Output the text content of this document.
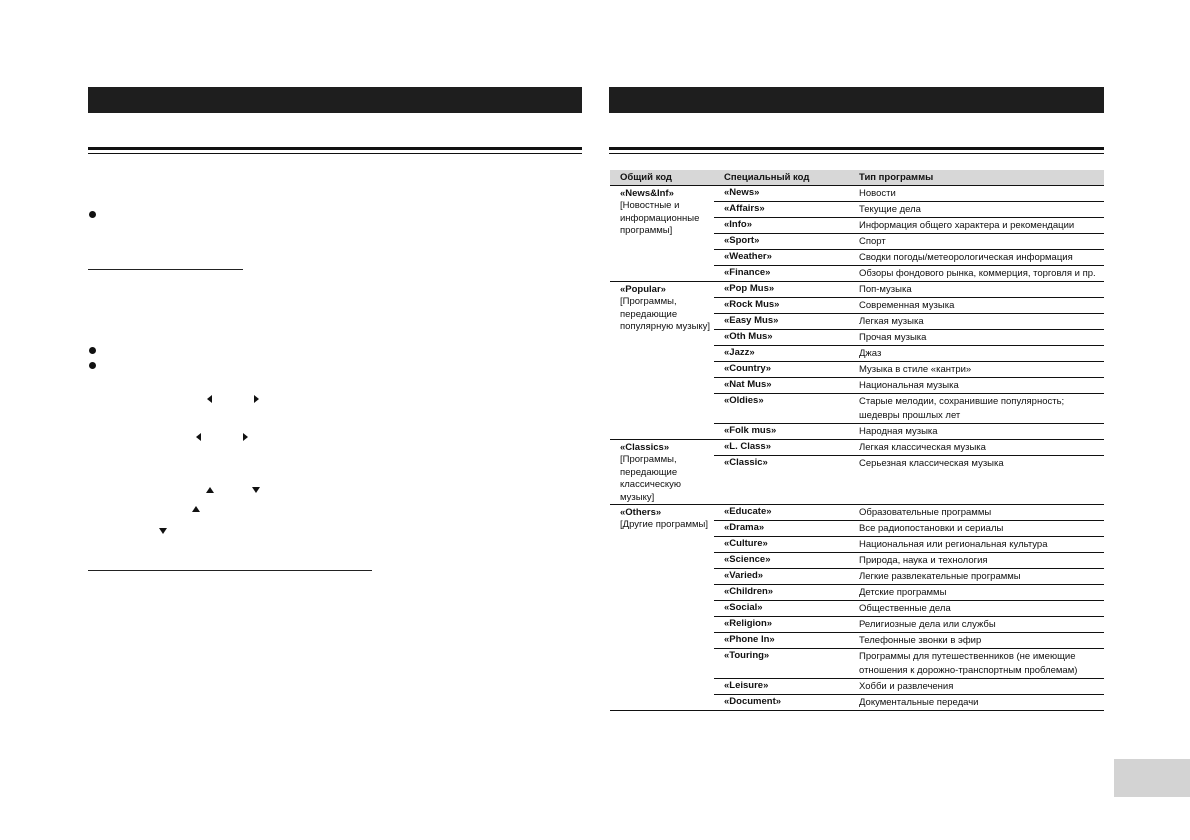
Общий код	Специальный код	Тип программы
«News&Inf»
[Новостные и информационные программы]
«News»	Новости
«Affairs»	Текущие дела
«Info»	Информация общего характера и рекомендации
«Sport»	Спорт
«Weather»	Сводки погоды/метеорологическая информация
«Finance»	Обзоры фондового рынка, коммерция, торговля и пр.
«Popular»
[Программы, передающие популярную музыку]
«Pop Mus»	Поп-музыка
«Rock Mus»	Современная музыка
«Easy Mus»	Легкая музыка
«Oth Mus»	Прочая музыка
«Jazz»	Джаз
«Country»	Музыка в стиле «кантри»
«Nat Mus»	Национальная музыка
«Oldies»	Старые мелодии, сохранившие популярность; шедевры прошлых лет
«Folk mus»	Народная музыка
«Classics»
[Программы, передающие классическую музыку]
«L. Class»	Легкая классическая музыка
«Classic»	Серьезная классическая музыка
«Others»
[Другие программы]
«Educate»	Образовательные программы
«Drama»	Все радиопостановки и сериалы
«Culture»	Национальная или региональная культура
«Science»	Природа, наука и технология
«Varied»	Легкие развлекательные программы
«Children»	Детские программы
«Social»	Общественные дела
«Religion»	Религиозные дела или службы
«Phone In»	Телефонные звонки в эфир
«Touring»	Программы для путешественников (не имеющие отношения к дорожно-транспортным проблемам)
«Leisure»	Хобби и развлечения
«Document»	Документальные передачи
